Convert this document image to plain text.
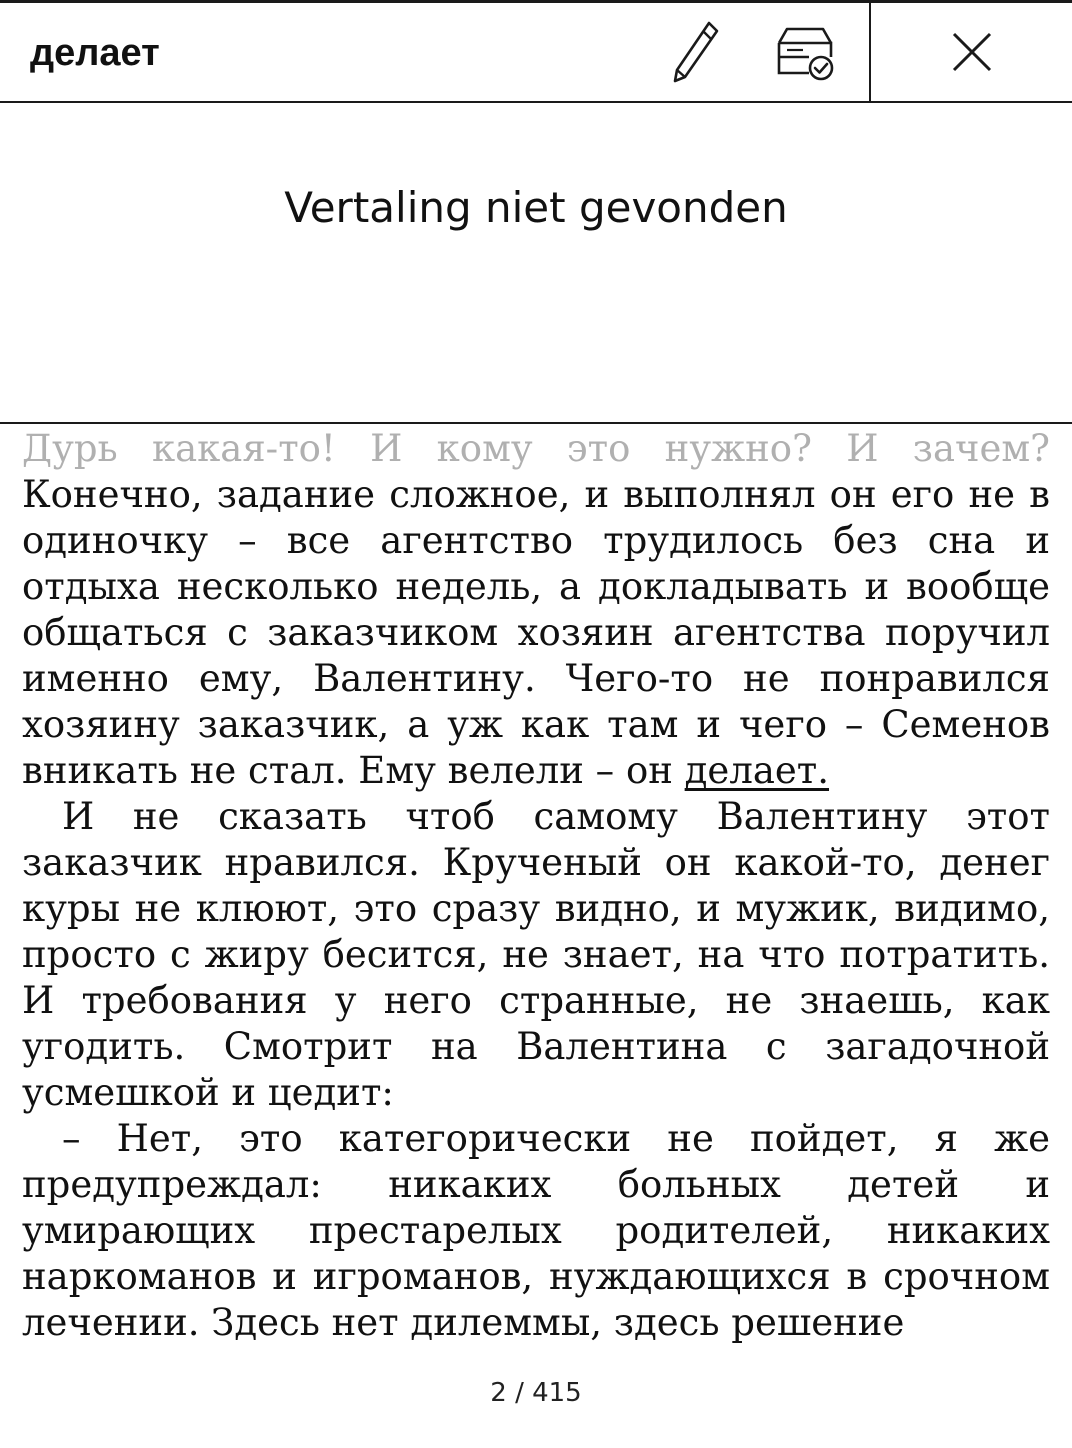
делает
Vertaling niet gevonden
Дурь какая-то! И кому это нужно? И зачем?

Конечно, задание сложное, и выполнял он его не в одиночку – все агентство трудилось без сна и отдыха несколько недель, а докладывать и вообще общаться с заказчиком хозяин агентства поручил именно ему, Валентину. Чего-то не понравился хозяину заказчик, а уж как там и чего – Семенов вникать не стал. Ему велели – он делает.

И не сказать чтоб самому Валентину этот заказчик нравился. Крученый он какой-то, денег куры не клюют, это сразу видно, и мужик, видимо, просто с жиру бесится, не знает, на что потратить. И требования у него странные, не знаешь, как угодить. Смотрит на Валентина с загадочной усмешкой и цедит:

– Нет, это категорически не пойдет, я же предупреждал: никаких больных детей и умирающих престарелых родителей, никаких наркоманов и игроманов, нуждающихся в срочном лечении. Здесь нет дилеммы, здесь решение

2 / 415
